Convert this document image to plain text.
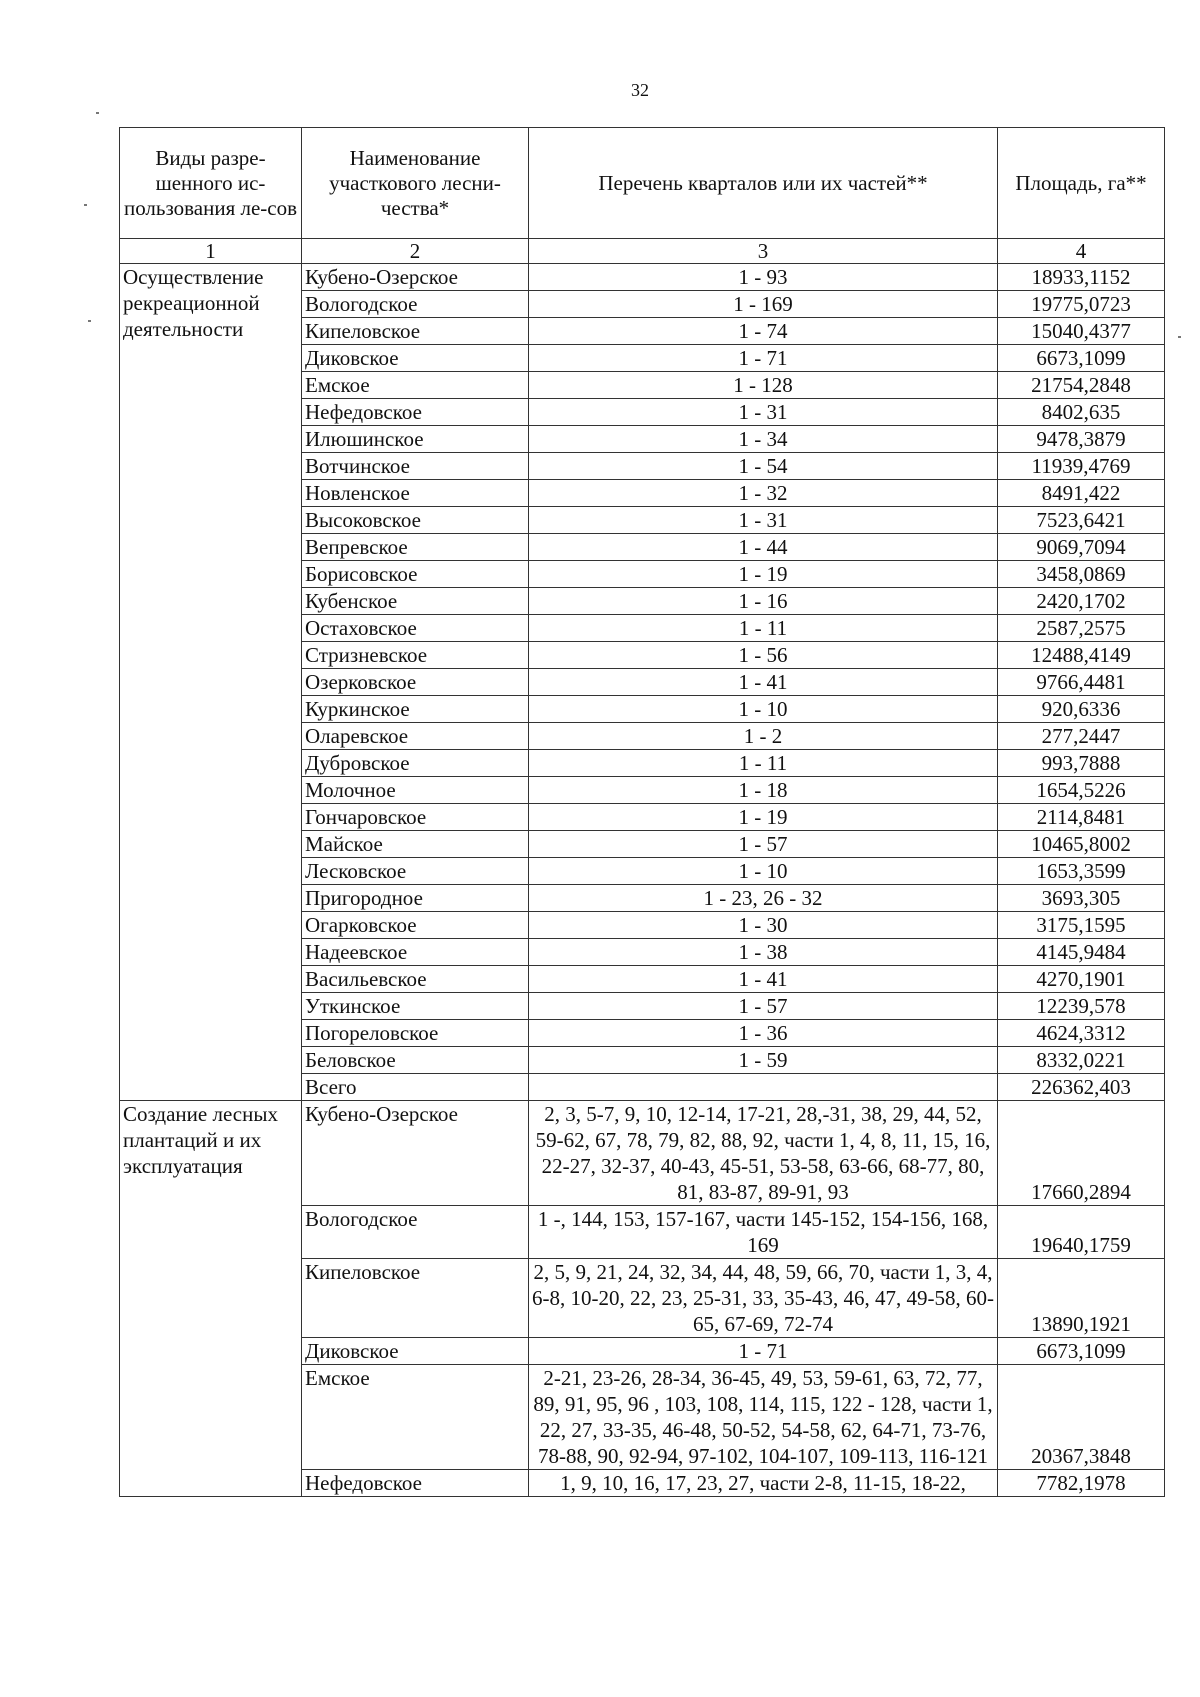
32
Виды разре-шенного ис-пользования ле-сов	Наименование участкового лесни-чества*	Перечень кварталов или их частей**	Площадь, га**
1	2	3	4
Осуществление рекреационной деятельности	Кубено-Озерское	1 - 93	18933,1152
	Вологодское	1 - 169	19775,0723
	Кипеловское	1 - 74	15040,4377
	Диковское	1 - 71	6673,1099
	Емское	1 - 128	21754,2848
	Нефедовское	1 - 31	8402,635
	Илюшинское	1 - 34	9478,3879
	Вотчинское	1 - 54	11939,4769
	Новленское	1 - 32	8491,422
	Высоковское	1 - 31	7523,6421
	Вепревское	1 - 44	9069,7094
	Борисовское	1 - 19	3458,0869
	Кубенское	1 - 16	2420,1702
	Остаховское	1 - 11	2587,2575
	Стризневское	1 - 56	12488,4149
	Озерковское	1 - 41	9766,4481
	Куркинское	1 - 10	920,6336
	Оларевское	1 - 2	277,2447
	Дубровское	1 - 11	993,7888
	Молочное	1 - 18	1654,5226
	Гончаровское	1 - 19	2114,8481
	Майское	1 - 57	10465,8002
	Лесковское	1 - 10	1653,3599
	Пригородное	1 - 23, 26 - 32	3693,305
	Огарковское	1 - 30	3175,1595
	Надеевское	1 - 38	4145,9484
	Васильевское	1 - 41	4270,1901
	Уткинское	1 - 57	12239,578
	Погореловское	1 - 36	4624,3312
	Беловское	1 - 59	8332,0221
	Всего		226362,403
Создание лесных плантаций и их эксплуатация	Кубено-Озерское	2, 3, 5-7, 9, 10, 12-14, 17-21, 28,-31, 38, 29, 44, 52, 59-62, 67, 78, 79, 82, 88, 92, части 1, 4, 8, 11, 15, 16, 22-27, 32-37, 40-43, 45-51, 53-58, 63-66, 68-77, 80, 81, 83-87, 89-91, 93	17660,2894
	Вологодское	1 -, 144, 153, 157-167, части 145-152, 154-156, 168, 169	19640,1759
	Кипеловское	2, 5, 9, 21, 24, 32, 34, 44, 48, 59, 66, 70, части 1, 3, 4, 6-8, 10-20, 22, 23, 25-31, 33, 35-43, 46, 47, 49-58, 60-65, 67-69, 72-74	13890,1921
	Диковское	1 - 71	6673,1099
	Емское	2-21, 23-26, 28-34, 36-45, 49, 53, 59-61, 63, 72, 77, 89, 91, 95, 96 , 103, 108, 114, 115, 122 - 128, части 1, 22, 27, 33-35, 46-48, 50-52, 54-58, 62, 64-71, 73-76, 78-88, 90, 92-94, 97-102, 104-107, 109-113, 116-121	20367,3848
	Нефедовское	1, 9, 10, 16, 17, 23, 27, части 2-8, 11-15, 18-22,	7782,1978
